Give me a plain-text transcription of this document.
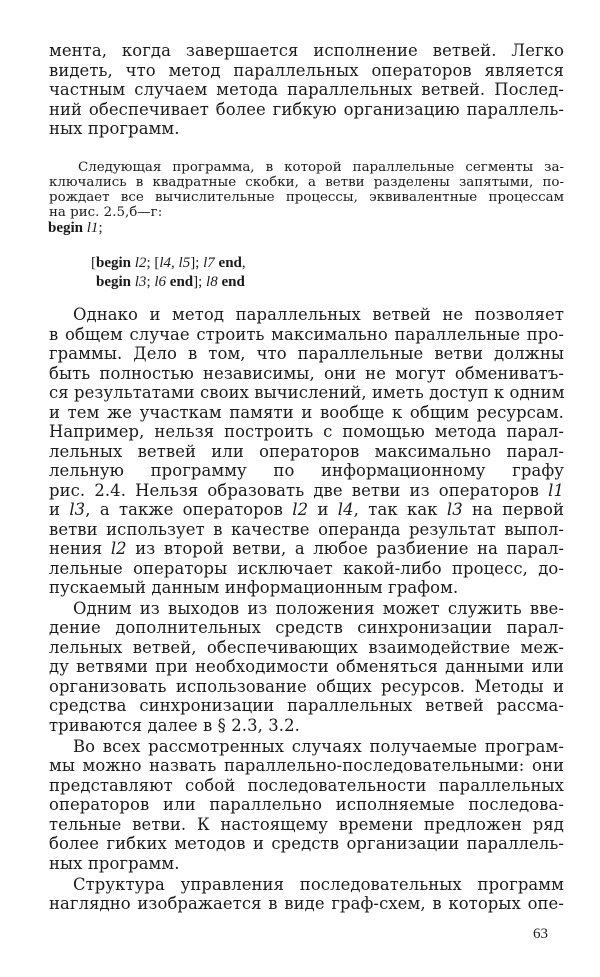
мента, когда завершается исполнение ветвей. Легко
видеть, что метод параллельных операторов является
частным случаем метода параллельных ветвей. Послед-
ний обеспечивает более гибкую организацию параллель-
ных программ.
Следующая программа, в которой параллельные сегменты за-
ключались в квадратные скобки, а ветви разделены запятыми, по-
рождает все вычислительные процессы, эквивалентные процессам
на рис. 2.5,б—г:
begin l1;
[begin l2; [l4, l5]; l7 end,
begin l3; l6 end]; l8 end
Однако и метод параллельных ветвей не позволяет
в общем случае строить максимально параллельные про-
граммы. Дело в том, что параллельные ветви должны
быть полностью независимы, они не могут обмениватъ-
ся результатами своих вычислений, иметь доступ к одним
и тем же участкам памяти и вообще к общим ресурсам.
Например, нельзя построить с помощью метода парал-
лельных ветвей или операторов максимально парал-
лельную программу по информационному графу
рис. 2.4. Нельзя образовать две ветви из операторов l1
и l3, а также операторов l2 и l4, так как l3 на первой
ветви использует в качестве операнда результат выпол-
нения l2 из второй ветви, а любое разбиение на парал-
лельные операторы исключает какой-либо процесс, до-
пускаемый данным информационным графом.
Одним из выходов из положения может служить вве-
дение дополнительных средств синхронизации парал-
лельных ветвей, обеспечивающих взаимодействие меж-
ду ветвями при необходимости обменяться данными или
организовать использование общих ресурсов. Методы и
средства синхронизации параллельных ветвей рассма-
триваются далее в § 2.3, 3.2.
Во всех рассмотренных случаях получаемые програм-
мы можно назвать параллельно-последовательными: они
представляют собой последовательности параллельных
операторов или параллельно исполняемые последова-
тельные ветви. К настоящему времени предложен ряд
более гибких методов и средств организации параллель-
ных программ.
Структура управления последовательных программ
наглядно изображается в виде граф-схем, в которых опе-
63
